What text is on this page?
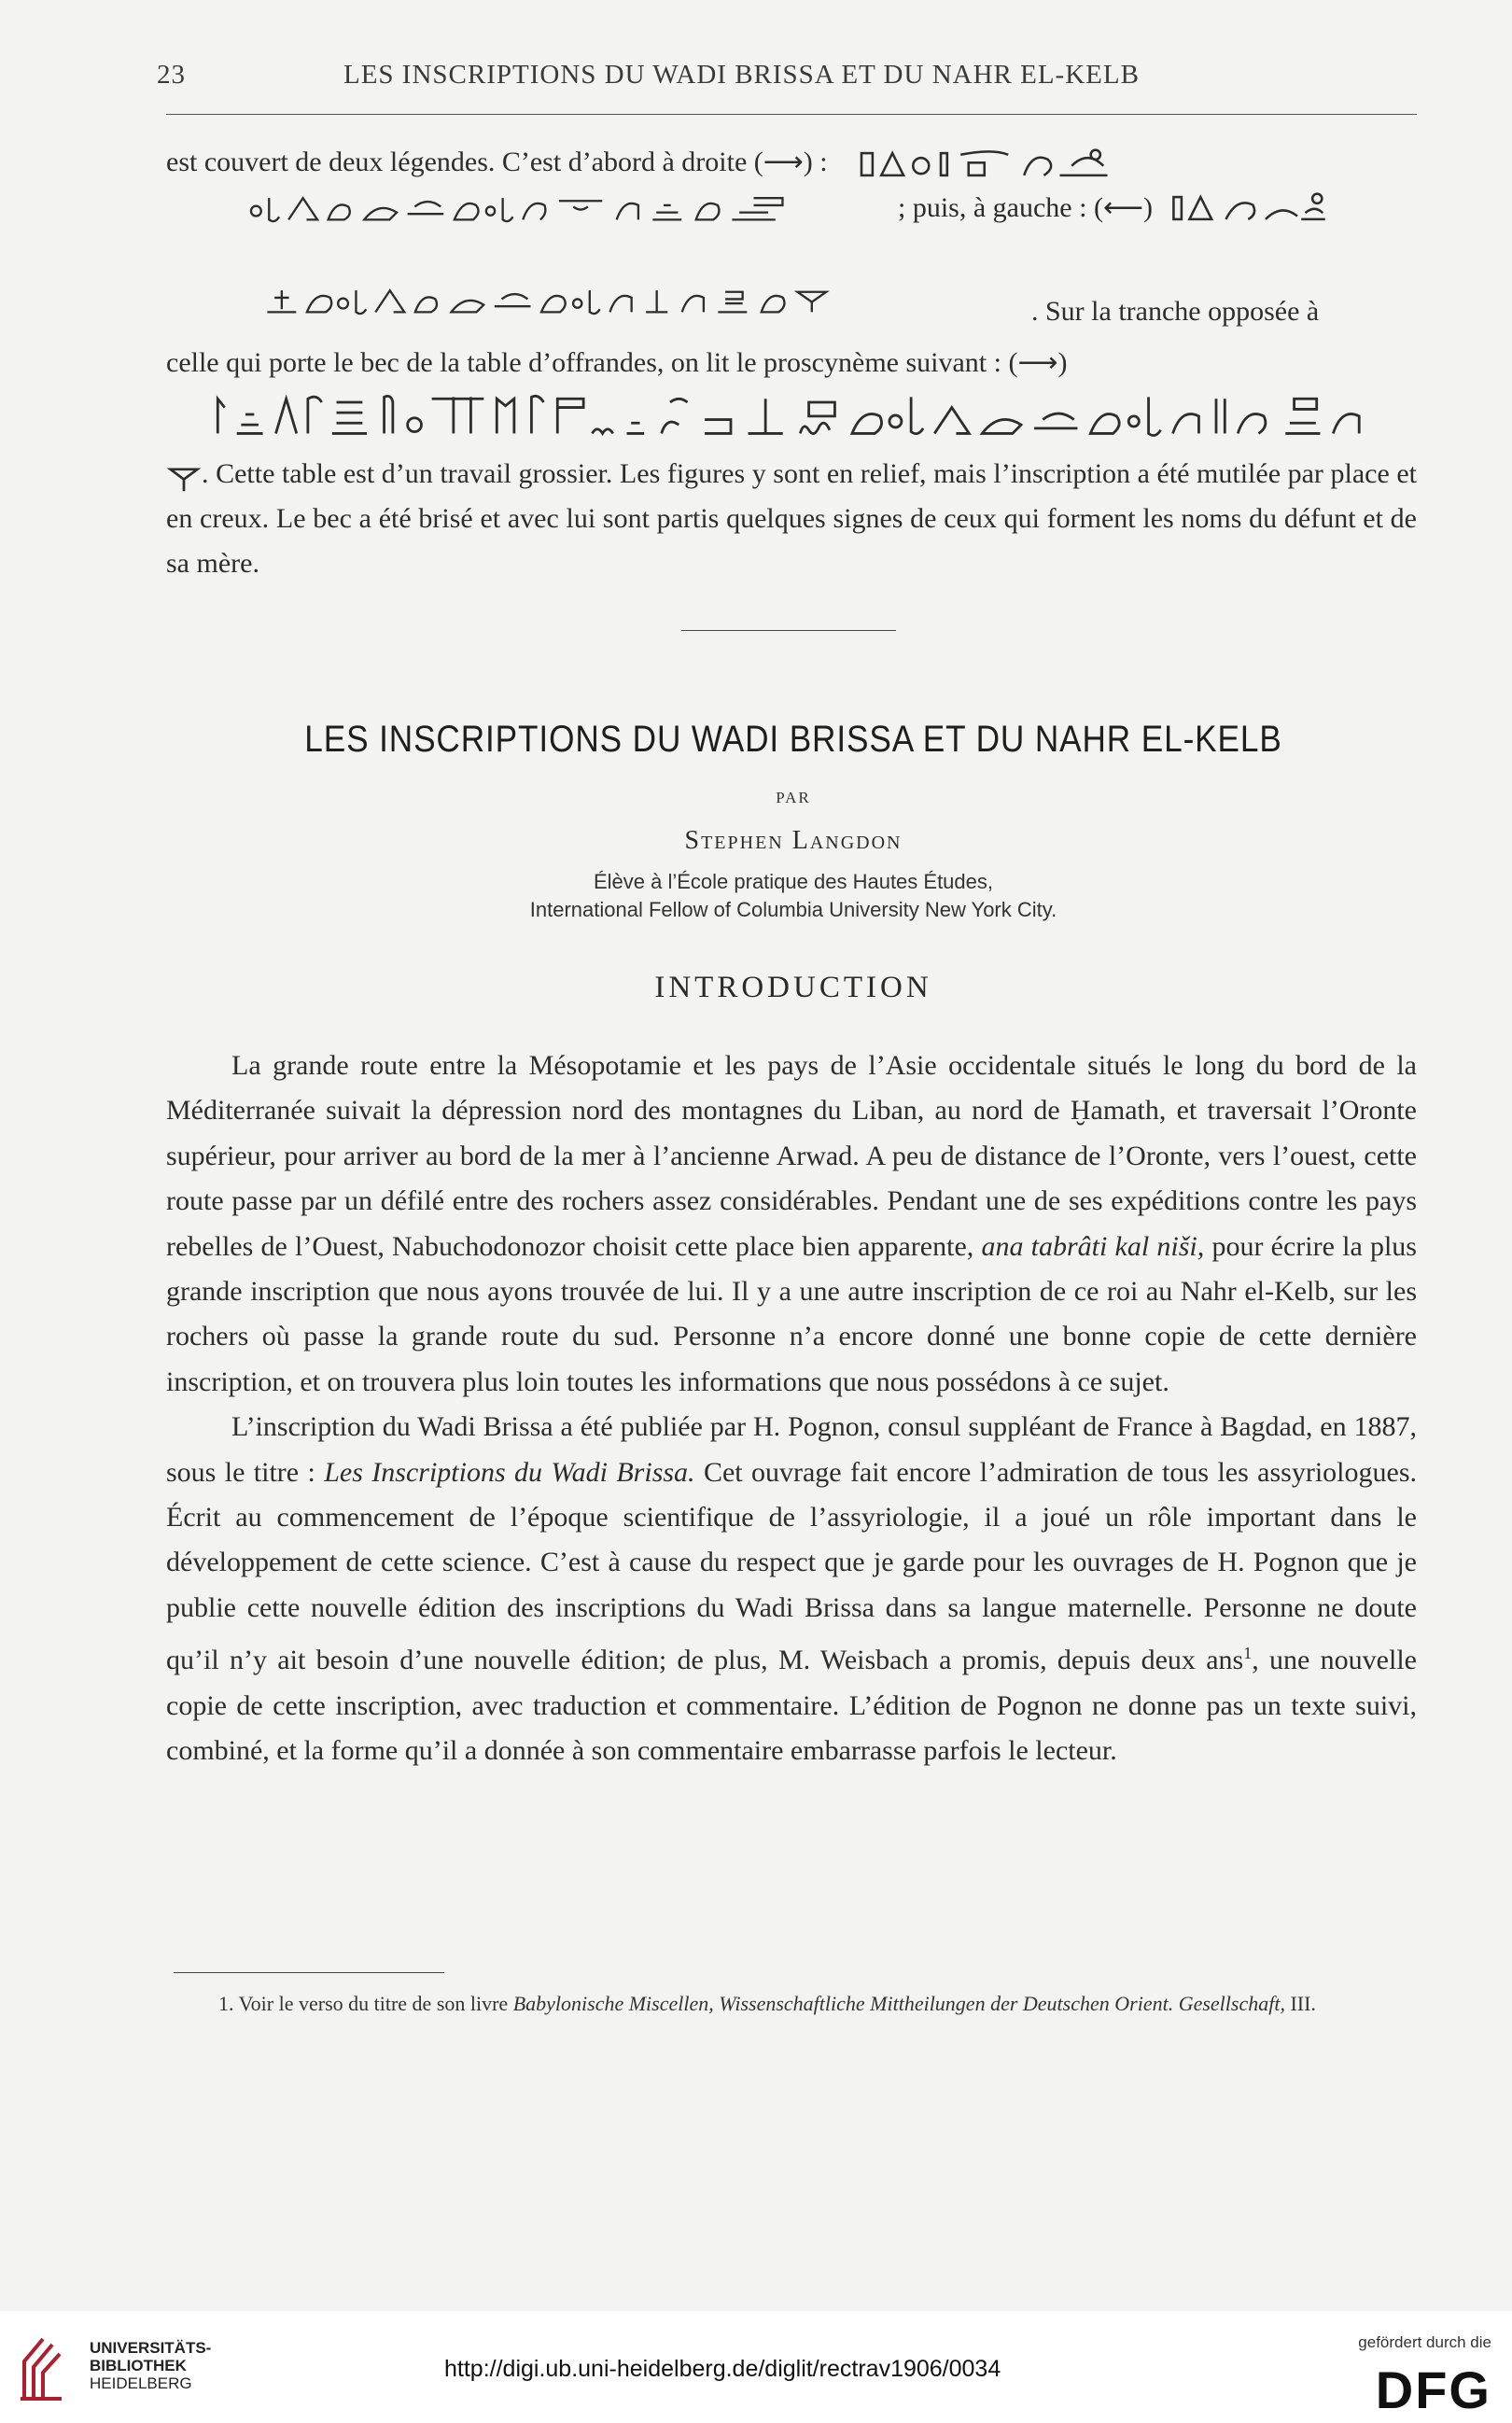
23	LES INSCRIPTIONS DU WADI BRISSA ET DU NAHR EL-KELB
est couvert de deux légendes. C’est d’abord à droite (⟶) :
; puis, à gauche : (⟵)
. Sur la tranche opposée à
celle qui porte le bec de la table d’offrandes, on lit le proscynème suivant : (⟶)
. Cette table est d’un travail grossier. Les figures y sont en relief, mais l’inscription a été mutilée par place et en creux. Le bec a été brisé et avec lui sont partis quelques signes de ceux qui forment les noms du défunt et de sa mère.
LES INSCRIPTIONS DU WADI BRISSA ET DU NAHR EL-KELB
PAR
Stephen Langdon
Élève à l’École pratique des Hautes Études,
International Fellow of Columbia University New York City.
INTRODUCTION

La grande route entre la Mésopotamie et les pays de l’Asie occidentale situés le long du bord de la Méditerranée suivait la dépression nord des montagnes du Liban, au nord de Ḫamath, et traversait l’Oronte supérieur, pour arriver au bord de la mer à l’ancienne Arwad. A peu de distance de l’Oronte, vers l’ouest, cette route passe par un défilé entre des rochers assez considérables. Pendant une de ses expéditions contre les pays rebelles de l’Ouest, Nabuchodonozor choisit cette place bien apparente, ana tabrâti kal niši, pour écrire la plus grande inscription que nous ayons trouvée de lui. Il y a une autre inscription de ce roi au Nahr el-Kelb, sur les rochers où passe la grande route du sud. Personne n’a encore donné une bonne copie de cette dernière inscription, et on trouvera plus loin toutes les informations que nous possédons à ce sujet.

L’inscription du Wadi Brissa a été publiée par H. Pognon, consul suppléant de France à Bagdad, en 1887, sous le titre : Les Inscriptions du Wadi Brissa. Cet ouvrage fait encore l’admiration de tous les assyriologues. Écrit au commencement de l’époque scientifique de l’assyriologie, il a joué un rôle important dans le développement de cette science. C’est à cause du respect que je garde pour les ouvrages de H. Pognon que je publie cette nouvelle édition des inscriptions du Wadi Brissa dans sa langue maternelle. Personne ne doute qu’il n’y ait besoin d’une nouvelle édition; de plus, M. Weisbach a promis, depuis deux ans$^1$, une nouvelle copie de cette inscription, avec traduction et commentaire. L’édition de Pognon ne donne pas un texte suivi, combiné, et la forme qu’il a donnée à son commentaire embarrasse parfois le lecteur.

1. Voir le verso du titre de son livre Babylonische Miscellen, Wissenschaftliche Mittheilungen der Deutschen Orient. Gesellschaft, III.
UNIVERSITÄTS-
BIBLIOTHEK
HEIDELBERG
http://digi.ub.uni-heidelberg.de/diglit/rectrav1906/0034
gefördert durch die
DFG
